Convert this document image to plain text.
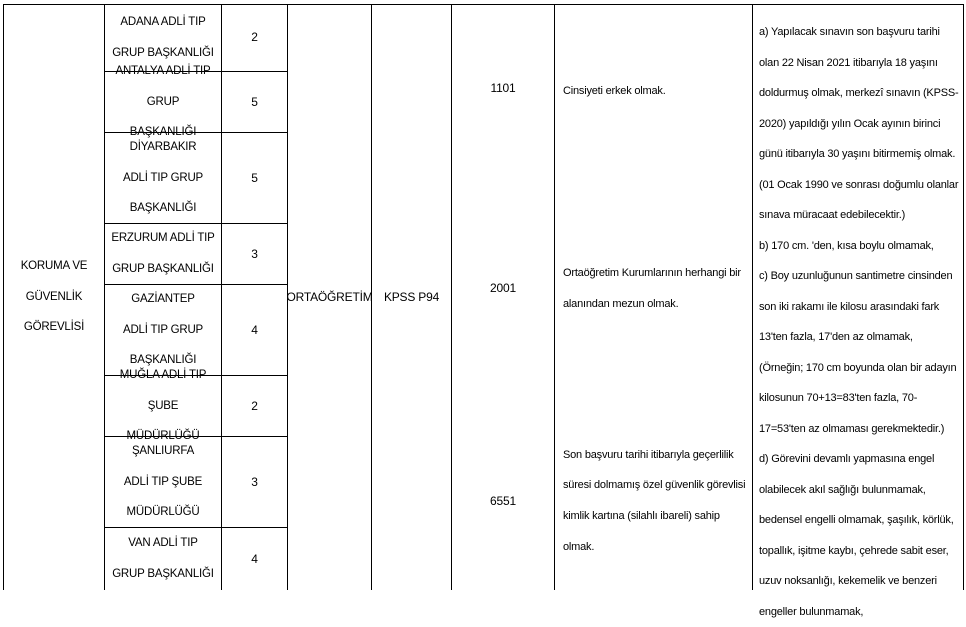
KORUMA VE GÜVENLİK GÖREVLİSİ
ADANA ADLİ TIP GRUP BAŞKANLIĞI
2
ANTALYA ADLİ TIP GRUP BAŞKANLIĞI
5
DİYARBAKIR ADLİ TIP GRUP BAŞKANLIĞI
5
ERZURUM ADLİ TIP GRUP BAŞKANLIĞI
3
GAZİANTEP ADLİ TIP GRUP BAŞKANLIĞI
4
MUĞLA ADLİ TIP ŞUBE MÜDÜRLÜĞÜ
2
ŞANLIURFA ADLİ TIP ŞUBE MÜDÜRLÜĞÜ
3
VAN ADLİ TIP GRUP BAŞKANLIĞI
4
ORTAÖĞRETİM KPSS P94
1101
2001
6551
Cinsiyeti erkek olmak.
Ortaöğretim Kurumlarının herhangi bir alanından mezun olmak.
Son başvuru tarihi itibarıyla geçerlilik süresi dolmamış özel güvenlik görevlisi kimlik kartına (silahlı ibareli) sahip olmak.
a) Yapılacak sınavın son başvuru tarihi olan 22 Nisan 2021 itibarıyla 18 yaşını doldurmuş olmak, merkezî sınavın (KPSS-2020) yapıldığı yılın Ocak ayının birinci günü itibarıyla 30 yaşını bitirmemiş olmak.(01 Ocak 1990 ve sonrası doğumlu olanlar sınava müracaat edebilecektir.)
b) 170 cm. 'den, kısa boylu olmamak,
c) Boy uzunluğunun santimetre cinsinden son iki rakamı ile kilosu arasındaki fark 13'ten fazla, 17'den az olmamak, (Örneğin; 170 cm boyunda olan bir adayın kilosunun 70+13=83'ten fazla, 70- 17=53'ten az olmaması gerekmektedir.)
d) Görevini devamlı yapmasına engel olabilecek akıl sağlığı bulunmamak, bedensel engelli olmamak, şaşılık, körlük, topallık, işitme kaybı, çehrede sabit eser, uzuv noksanlığı, kekemelik ve benzeri engeller bulunmamak,
